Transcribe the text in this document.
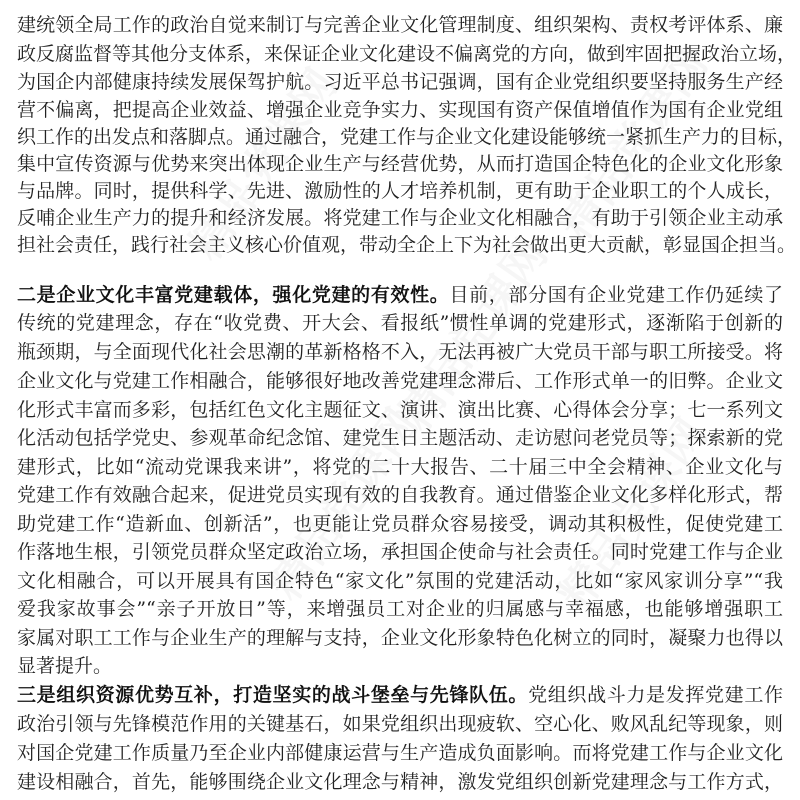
建统领全局工作的政治自觉来制订与完善企业文化管理制度、组织架构、责权考评体系、廉
政反腐监督等其他分支体系，来保证企业文化建设不偏离党的方向，做到牢固把握政治立场，
为国企内部健康持续发展保驾护航。习近平总书记强调，国有企业党组织要坚持服务生产经
营不偏离，把提高企业效益、增强企业竞争实力、实现国有资产保值增值作为国有企业党组
织工作的出发点和落脚点。通过融合，党建工作与企业文化建设能够统一紧抓生产力的目标，
集中宣传资源与优势来突出体现企业生产与经营优势，从而打造国企特色化的企业文化形象
与品牌。同时，提供科学、先进、激励性的人才培养机制，更有助于企业职工的个人成长，
反哺企业生产力的提升和经济发展。将党建工作与企业文化相融合，有助于引领企业主动承
担社会责任，践行社会主义核心价值观，带动全企上下为社会做出更大贡献，彰显国企担当。
二是企业文化丰富党建载体，强化党建的有效性。目前，部分国有企业党建工作仍延续了
传统的党建理念，存在“收党费、开大会、看报纸”惯性单调的党建形式，逐渐陷于创新的
瓶颈期，与全面现代化社会思潮的革新格格不入，无法再被广大党员干部与职工所接受。将
企业文化与党建工作相融合，能够很好地改善党建理念滞后、工作形式单一的旧弊。企业文
化形式丰富而多彩，包括红色文化主题征文、演讲、演出比赛、心得体会分享；七一系列文
化活动包括学党史、参观革命纪念馆、建党生日主题活动、走访慰问老党员等；探索新的党
建形式，比如“流动党课我来讲”，将党的二十大报告、二十届三中全会精神、企业文化与
党建工作有效融合起来，促进党员实现有效的自我教育。通过借鉴企业文化多样化形式，帮
助党建工作“造新血、创新活”，也更能让党员群众容易接受，调动其积极性，促使党建工
作落地生根，引领党员群众坚定政治立场，承担国企使命与社会责任。同时党建工作与企业
文化相融合，可以开展具有国企特色“家文化”氛围的党建活动，比如“家风家训分享”“我
爱我家故事会”“亲子开放日”等，来增强员工对企业的归属感与幸福感，也能够增强职工
家属对职工工作与企业生产的理解与支持，企业文化形象特色化树立的同时，凝聚力也得以
显著提升。
三是组织资源优势互补，打造坚实的战斗堡垒与先锋队伍。党组织战斗力是发挥党建工作
政治引领与先锋模范作用的关键基石，如果党组织出现疲软、空心化、败风乱纪等现象，则
对国企党建工作质量乃至企业内部健康运营与生产造成负面影响。而将党建工作与企业文化
建设相融合，首先，能够围绕企业文化理念与精神，激发党组织创新党建理念与工作方式，
